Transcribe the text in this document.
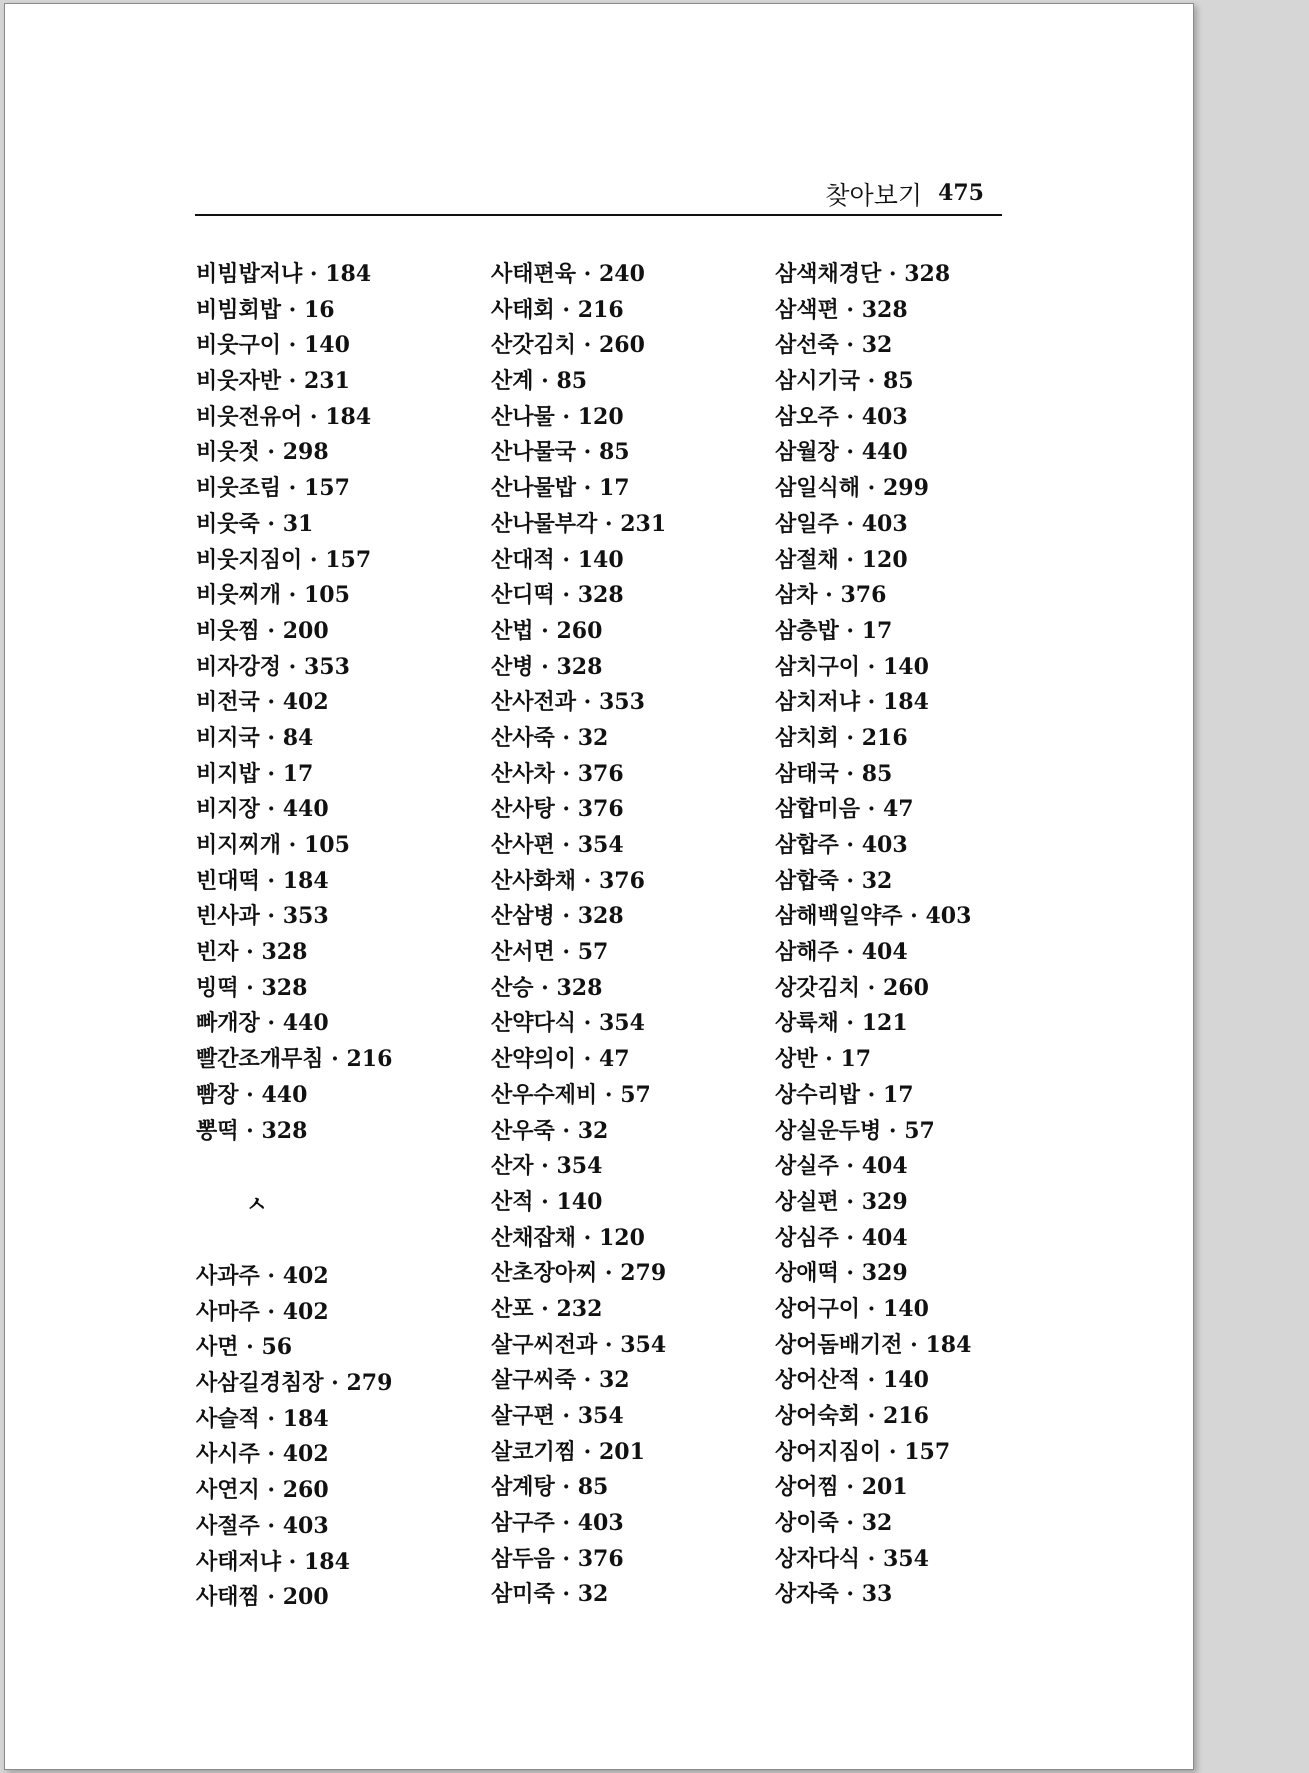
찾아보기 475
비빔밥저냐 · 184
비빔회밥 · 16
비웃구이 · 140
비웃자반 · 231
비웃전유어 · 184
비웃젓 · 298
비웃조림 · 157
비웃죽 · 31
비웃지짐이 · 157
비웃찌개 · 105
비웃찜 · 200
비자강정 · 353
비전국 · 402
비지국 · 84
비지밥 · 17
비지장 · 440
비지찌개 · 105
빈대떡 · 184
빈사과 · 353
빈자 · 328
빙떡 · 328
빠개장 · 440
빨간조개무침 · 216
빰장 · 440
뽕떡 · 328
ㅅ
사과주 · 402
사마주 · 402
사면 · 56
사삼길경침장 · 279
사슬적 · 184
사시주 · 402
사연지 · 260
사절주 · 403
사태저냐 · 184
사태찜 · 200
사태편육 · 240
사태회 · 216
산갓김치 · 260
산계 · 85
산나물 · 120
산나물국 · 85
산나물밥 · 17
산나물부각 · 231
산대적 · 140
산디떡 · 328
산법 · 260
산병 · 328
산사전과 · 353
산사죽 · 32
산사차 · 376
산사탕 · 376
산사편 · 354
산사화채 · 376
산삼병 · 328
산서면 · 57
산승 · 328
산약다식 · 354
산약의이 · 47
산우수제비 · 57
산우죽 · 32
산자 · 354
산적 · 140
산채잡채 · 120
산초장아찌 · 279
산포 · 232
살구씨전과 · 354
살구씨죽 · 32
살구편 · 354
살코기찜 · 201
삼계탕 · 85
삼구주 · 403
삼두음 · 376
삼미죽 · 32
삼색채경단 · 328
삼색편 · 328
삼선죽 · 32
삼시기국 · 85
삼오주 · 403
삼월장 · 440
삼일식해 · 299
삼일주 · 403
삼절채 · 120
삼차 · 376
삼층밥 · 17
삼치구이 · 140
삼치저냐 · 184
삼치회 · 216
삼태국 · 85
삼합미음 · 47
삼합주 · 403
삼합죽 · 32
삼해백일약주 · 403
삼해주 · 404
상갓김치 · 260
상륙채 · 121
상반 · 17
상수리밥 · 17
상실운두병 · 57
상실주 · 404
상실편 · 329
상심주 · 404
상애떡 · 329
상어구이 · 140
상어돔배기전 · 184
상어산적 · 140
상어숙회 · 216
상어지짐이 · 157
상어찜 · 201
상이죽 · 32
상자다식 · 354
상자죽 · 33
